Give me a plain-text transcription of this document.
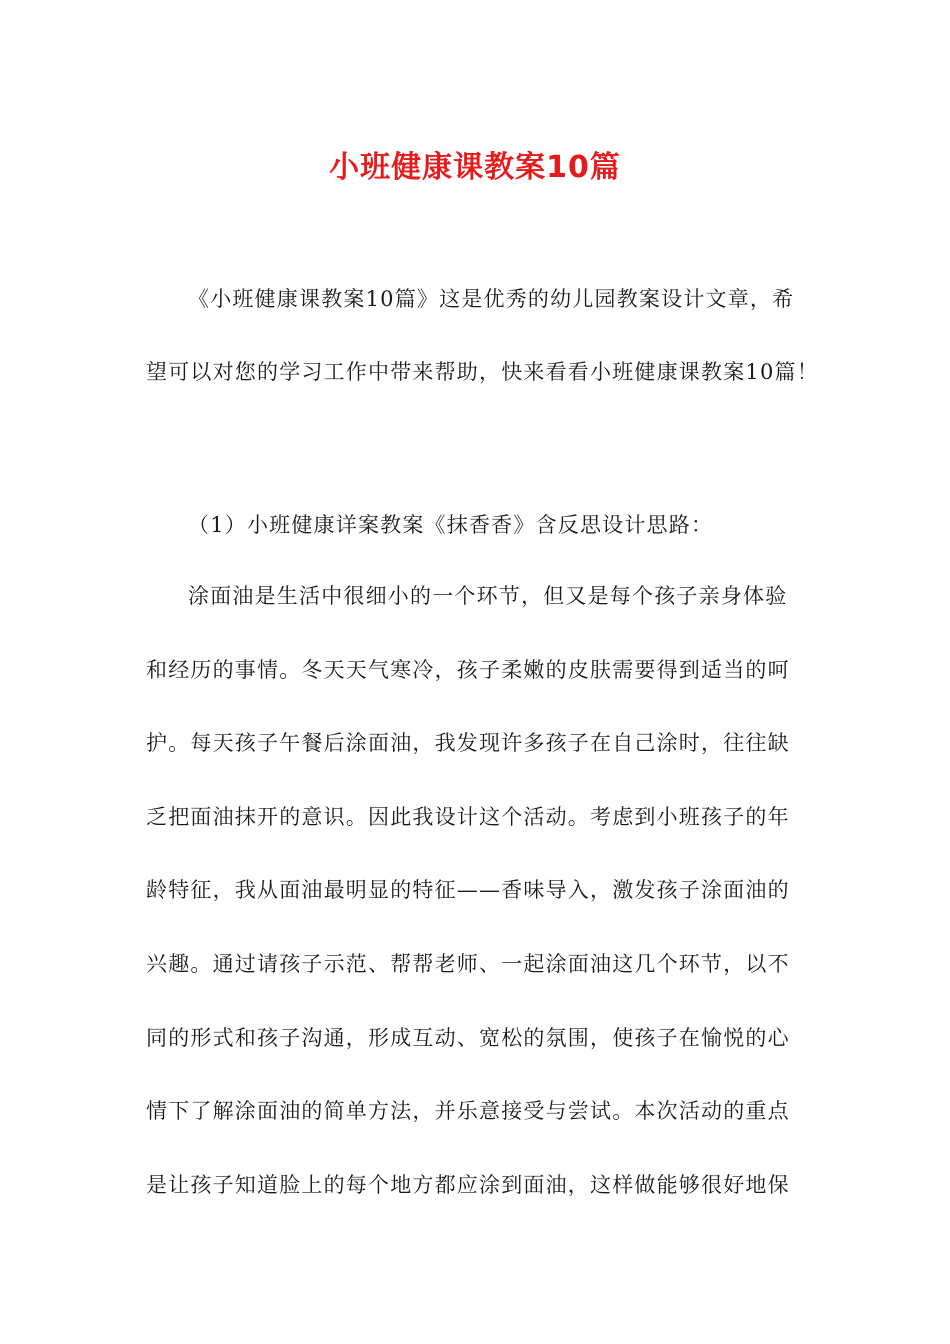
小班健康课教案10篇
《小班健康课教案10篇》这是优秀的幼儿园教案设计文章，希
望可以对您的学习工作中带来帮助，快来看看小班健康课教案10篇！
（1）小班健康详案教案《抹香香》含反思设计思路：
涂面油是生活中很细小的一个环节，但又是每个孩子亲身体验
和经历的事情。冬天天气寒冷，孩子柔嫩的皮肤需要得到适当的呵
护。每天孩子午餐后涂面油，我发现许多孩子在自己涂时，往往缺
乏把面油抹开的意识。因此我设计这个活动。考虑到小班孩子的年
龄特征，我从面油最明显的特征——香味导入，激发孩子涂面油的
兴趣。通过请孩子示范、帮帮老师、一起涂面油这几个环节，以不
同的形式和孩子沟通，形成互动、宽松的氛围，使孩子在愉悦的心
情下了解涂面油的简单方法，并乐意接受与尝试。本次活动的重点
是让孩子知道脸上的每个地方都应涂到面油，这样做能够很好地保
